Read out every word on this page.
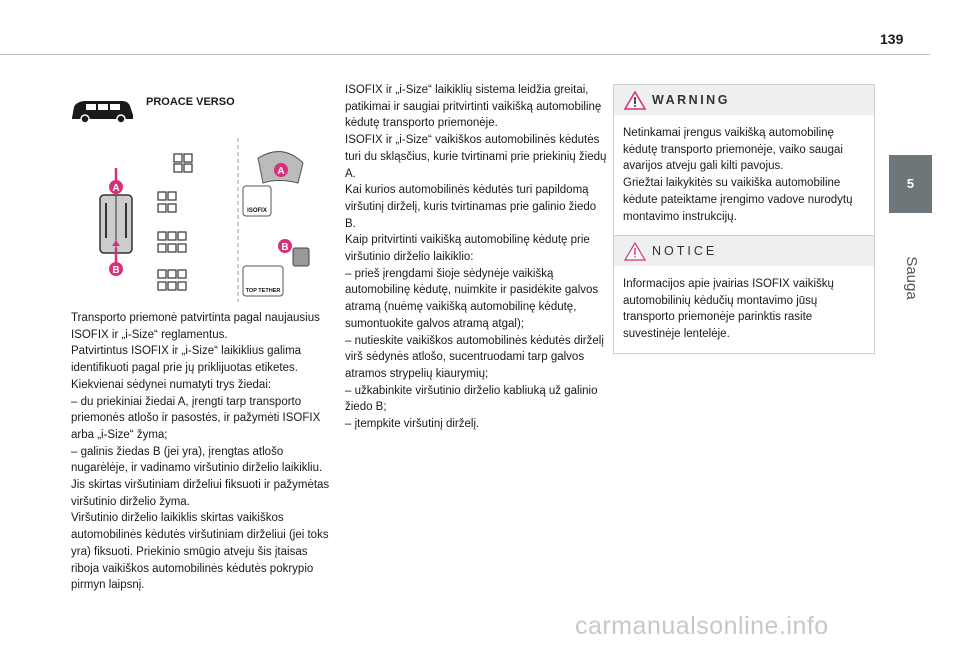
139
5
Sauga
PROACE VERSO
A
B
A
ISOFIX
B
TOP TETHER
Transporto priemonė patvirtinta pagal naujausius ISOFIX ir „i-Size“ reglamentus.
Patvirtintus ISOFIX ir „i-Size“ laikiklius galima identifikuoti pagal prie jų priklijuotas etiketes.
Kiekvienai sėdynei numatyti trys žiedai:
– du priekiniai žiedai A, įrengti tarp transporto priemonės atlošo ir pasostės, ir pažymėti ISOFIX arba „i-Size“ žyma;
– galinis žiedas B (jei yra), įrengtas atlošo nugarėlėje, ir vadinamo viršutinio dirželio laikikliu. Jis skirtas viršutiniam dirželiui fiksuoti ir pažymėtas viršutinio dirželio žyma.
Viršutinio dirželio laikiklis skirtas vaikiškos automobilinės kėdutės viršutiniam dirželiui (jei toks yra) fiksuoti. Priekinio smūgio atveju šis įtaisas riboja vaikiškos automobilinės kėdutės pokrypio pirmyn laipsnį.
ISOFIX ir „i-Size“ laikiklių sistema leidžia greitai, patikimai ir saugiai pritvirtinti vaikišką automobilinę kėdutę transporto priemonėje.
ISOFIX ir „i-Size“ vaikiškos automobilinės kėdutės turi du skląsčius, kurie tvirtinami prie priekinių žiedų A.
Kai kurios automobilinės kėdutės turi papildomą viršutinį dirželį, kuris tvirtinamas prie galinio žiedo B.
Kaip pritvirtinti vaikišką automobilinę kėdutę prie viršutinio dirželio laikiklio:
– prieš įrengdami šioje sėdynėje vaikišką automobilinę kėdutę, nuimkite ir pasidėkite galvos atramą (nuėmę vaikišką automobilinę kėdutę, sumontuokite galvos atramą atgal);
– nutieskite vaikiškos automobilinės kėdutės dirželį virš sėdynės atlošo, sucentruodami tarp galvos atramos strypelių kiaurymių;
– užkabinkite viršutinio dirželio kabliuką už galinio žiedo B;
– įtempkite viršutinį dirželį.
WARNING
Netinkamai įrengus vaikišką automobilinę kėdutę transporto priemonėje, vaiko saugai avarijos atveju gali kilti pavojus.
Griežtai laikykitės su vaikiška automobiline kėdute pateiktame įrengimo vadove nurodytų montavimo instrukcijų.
NOTICE
Informacijos apie įvairias ISOFIX vaikiškų automobilinių kėdučių montavimo jūsų transporto priemonėje parinktis rasite suvestinėje lentelėje.
carmanualsonline.info
